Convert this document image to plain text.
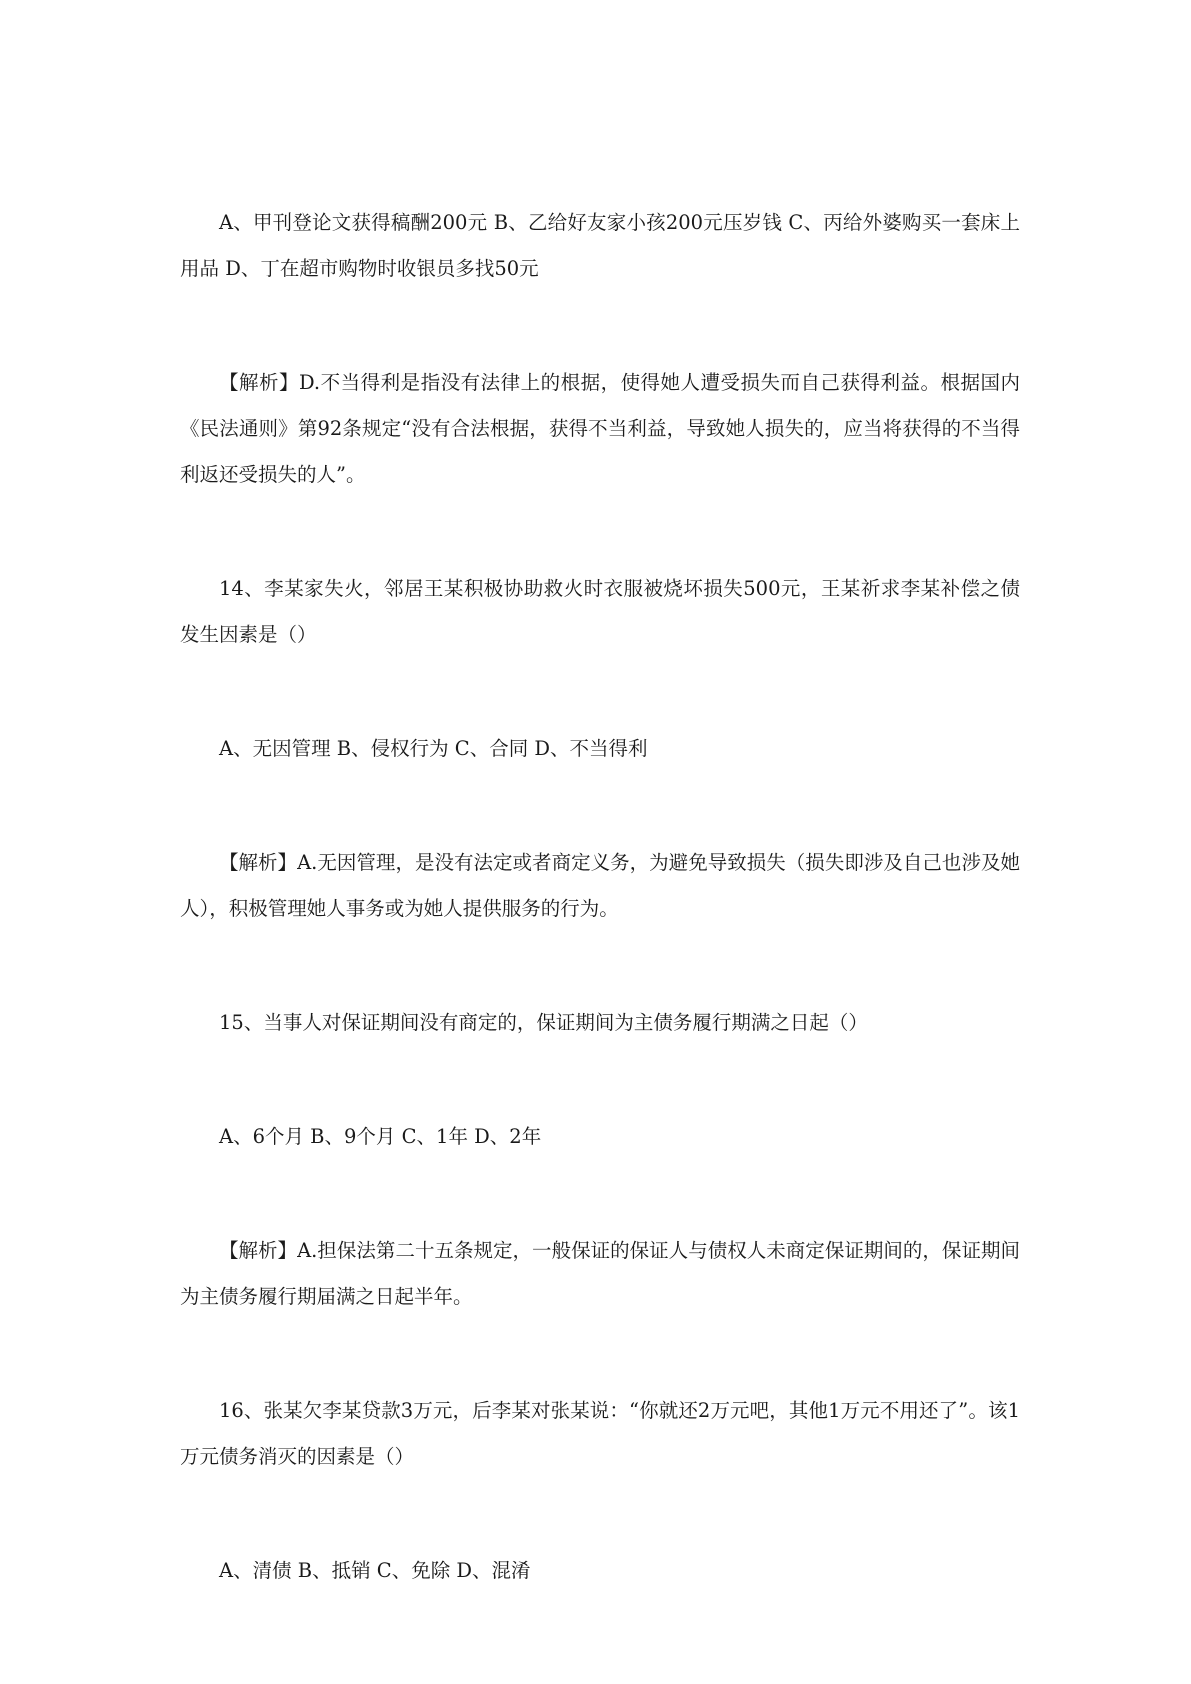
A、甲刊登论文获得稿酬200元 B、乙给好友家小孩200元压岁钱 C、丙给外婆购买一套床上用品 D、丁在超市购物时收银员多找50元

【解析】D.不当得利是指没有法律上的根据，使得她人遭受损失而自己获得利益。根据国内《民法通则》第92条规定“没有合法根据，获得不当利益，导致她人损失的，应当将获得的不当得利返还受损失的人”。

14、李某家失火，邻居王某积极协助救火时衣服被烧坏损失500元，王某祈求李某补偿之债发生因素是（）

A、无因管理 B、侵权行为 C、合同 D、不当得利

【解析】A.无因管理，是没有法定或者商定义务，为避免导致损失（损失即涉及自己也涉及她人），积极管理她人事务或为她人提供服务的行为。

15、当事人对保证期间没有商定的，保证期间为主债务履行期满之日起（）

A、6个月 B、9个月 C、1年 D、2年

【解析】A.担保法第二十五条规定，一般保证的保证人与债权人未商定保证期间的，保证期间为主债务履行期届满之日起半年。

16、张某欠李某贷款3万元，后李某对张某说：“你就还2万元吧，其他1万元不用还了”。该1万元债务消灭的因素是（）

A、清债 B、抵销 C、免除 D、混淆
